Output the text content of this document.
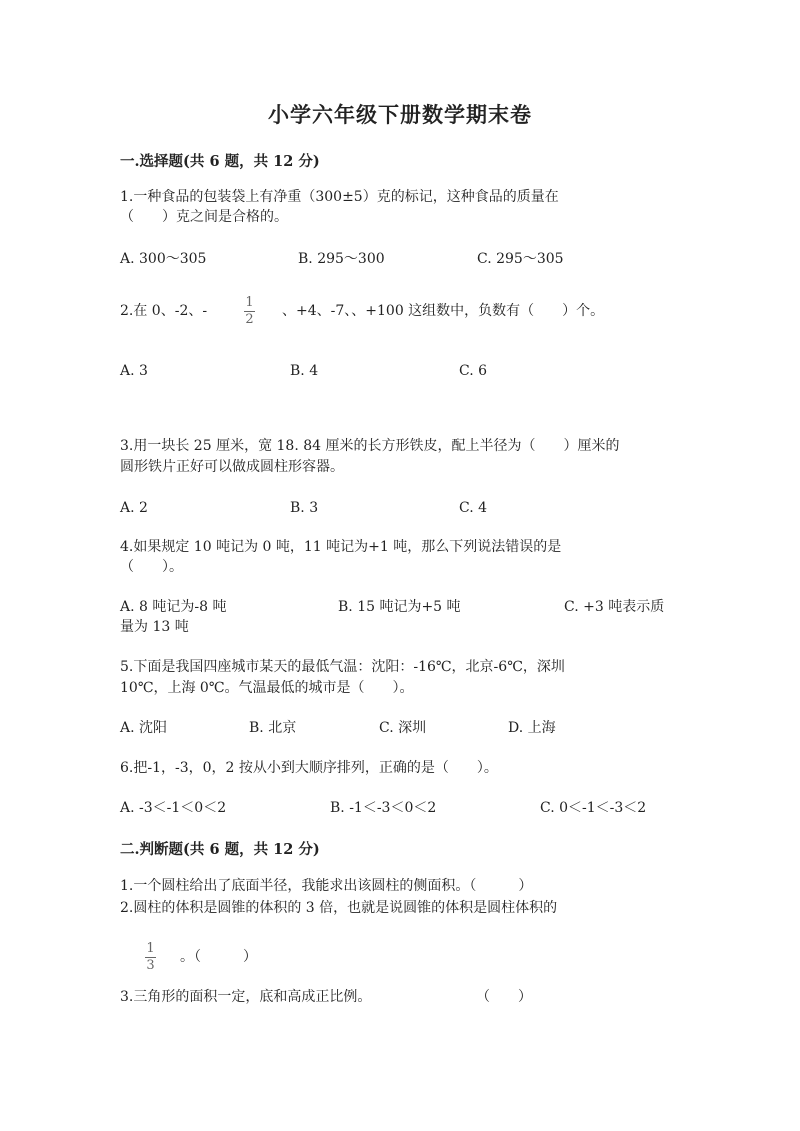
小学六年级下册数学期末卷
一.选择题(共 6 题，共 12 分)
1.一种食品的包装袋上有净重（300±5）克的标记，这种食品的质量在
（　　）克之间是合格的。
A. 300～305	B. 295～300	C. 295～305
2.在 0、-2、-
1
2
、+4、-7、、+100 这组数中，负数有（　　）个。
A. 3	B. 4	C. 6
3.用一块长 25 厘米，宽 18. 84 厘米的长方形铁皮，配上半径为（　　）厘米的
圆形铁片正好可以做成圆柱形容器。
A. 2	B. 3	C. 4
4.如果规定 10 吨记为 0 吨，11 吨记为+1 吨，那么下列说法错误的是
（　　）。
A. 8 吨记为-8 吨	B. 15 吨记为+5 吨	C. +3 吨表示质
量为 13 吨
5.下面是我国四座城市某天的最低气温：沈阳：-16℃，北京-6℃，深圳
10℃，上海 0℃。气温最低的城市是（　　）。
A. 沈阳	B. 北京	C. 深圳	D. 上海
6.把-1，-3，0，2 按从小到大顺序排列，正确的是（　　）。
A. -3＜-1＜0＜2	B. -1＜-3＜0＜2	C. 0＜-1＜-3＜2
二.判断题(共 6 题，共 12 分)
1.一个圆柱给出了底面半径，我能求出该圆柱的侧面积。（　　　）
2.圆柱的体积是圆锥的体积的 3 倍，也就是说圆锥的体积是圆柱体积的
1
3
。（　　　）
3.三角形的面积一定，底和高成正比例。	（　　）
